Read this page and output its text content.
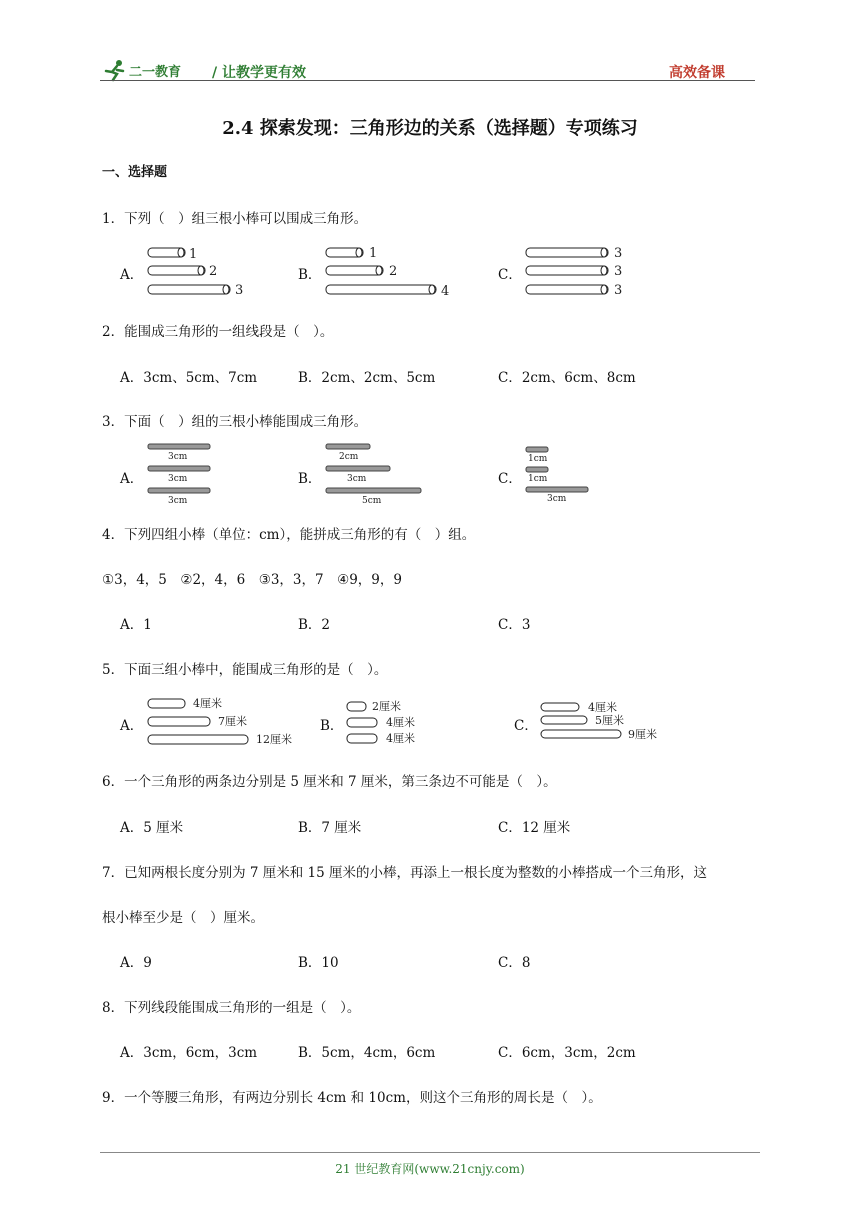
二一教育 / 让教学更有效	高效备课
2.4 探索发现：三角形边的关系（选择题）专项练习
一、选择题
1．下列（　）组三根小棒可以围成三角形。
A．	B．	C．
1
2
3
1
2
4
3
3
3
2．能围成三角形的一组线段是（　）。
A．3cm、5cm、7cm	B．2cm、2cm、5cm	C．2cm、6cm、8cm
3．下面（　）组的三根小棒能围成三角形。
A．	B．	C．
3cm
3cm
3cm
2cm
3cm
5cm
1cm
1cm
3cm
4．下列四组小棒（单位：cm），能拼成三角形的有（　）组。
①3，4，5　②2，4，6　③3，3，7　④9，9，9
A．1	B．2	C．3
5．下面三组小棒中，能围成三角形的是（　）。
A．	B．	C．
4厘米
7厘米
12厘米
2厘米
4厘米
4厘米
4厘米
5厘米
9厘米
6．一个三角形的两条边分别是 5 厘米和 7 厘米，第三条边不可能是（　）。
A．5 厘米	B．7 厘米	C．12 厘米
7．已知两根长度分别为 7 厘米和 15 厘米的小棒，再添上一根长度为整数的小棒搭成一个三角形，这
根小棒至少是（　）厘米。
A．9	B．10	C．8
8．下列线段能围成三角形的一组是（　）。
A．3cm，6cm，3cm	B．5cm，4cm，6cm	C．6cm，3cm，2cm
9．一个等腰三角形，有两边分别长 4cm 和 10cm，则这个三角形的周长是（　）。
21 世纪教育网(www.21cnjy.com)
